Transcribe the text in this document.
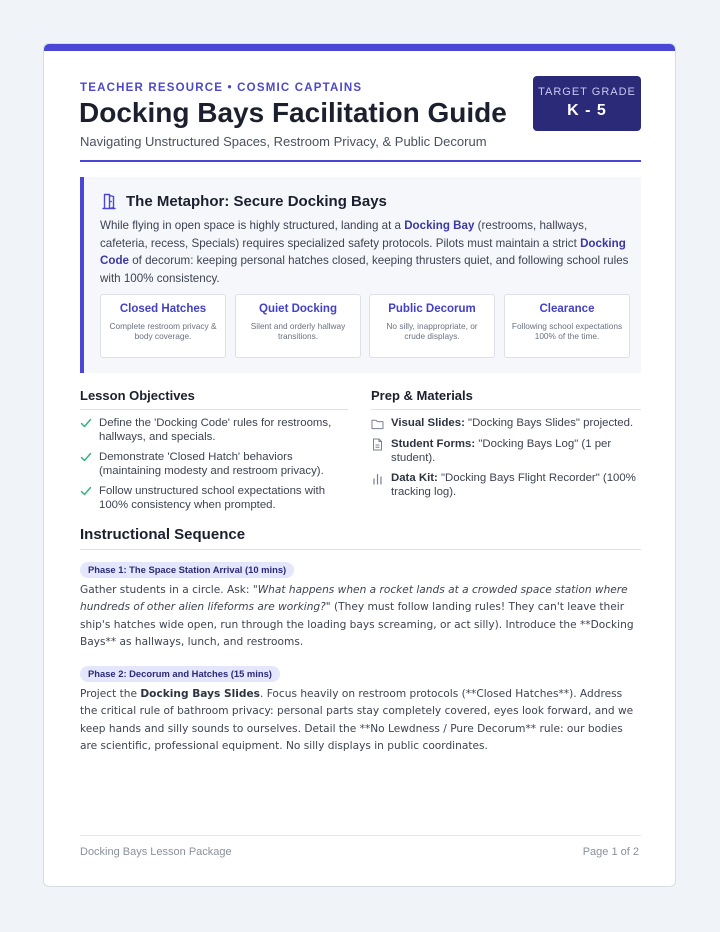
TEACHER RESOURCE • COSMIC CAPTAINS
Docking Bays Facilitation Guide
Navigating Unstructured Spaces, Restroom Privacy, & Public Decorum
TARGET GRADE
K - 5
The Metaphor: Secure Docking Bays
While flying in open space is highly structured, landing at a Docking Bay (restrooms, hallways, cafeteria, recess, Specials) requires specialized safety protocols. Pilots must maintain a strict Docking Code of decorum: keeping personal hatches closed, keeping thrusters quiet, and following school rules with 100% consistency.
Closed Hatches
Complete restroom privacy & body coverage.
Quiet Docking
Silent and orderly hallway transitions.
Public Decorum
No silly, inappropriate, or crude displays.
Clearance
Following school expectations 100% of the time.
Lesson Objectives
Define the 'Docking Code' rules for restrooms, hallways, and specials.
Demonstrate 'Closed Hatch' behaviors (maintaining modesty and restroom privacy).
Follow unstructured school expectations with 100% consistency when prompted.
Prep & Materials
Visual Slides: "Docking Bays Slides" projected.
Student Forms: "Docking Bays Log" (1 per student).
Data Kit: "Docking Bays Flight Recorder" (100% tracking log).
Instructional Sequence
Phase 1: The Space Station Arrival (10 mins)
Gather students in a circle. Ask: "What happens when a rocket lands at a crowded space station where hundreds of other alien lifeforms are working?" (They must follow landing rules! They can't leave their ship's hatches wide open, run through the loading bays screaming, or act silly). Introduce the **Docking Bays** as hallways, lunch, and restrooms.
Phase 2: Decorum and Hatches (15 mins)
Project the Docking Bays Slides. Focus heavily on restroom protocols (**Closed Hatches**). Address the critical rule of bathroom privacy: personal parts stay completely covered, eyes look forward, and we keep hands and silly sounds to ourselves. Detail the **No Lewdness / Pure Decorum** rule: our bodies are scientific, professional equipment. No silly displays in public coordinates.
Docking Bays Lesson Package	Page 1 of 2
